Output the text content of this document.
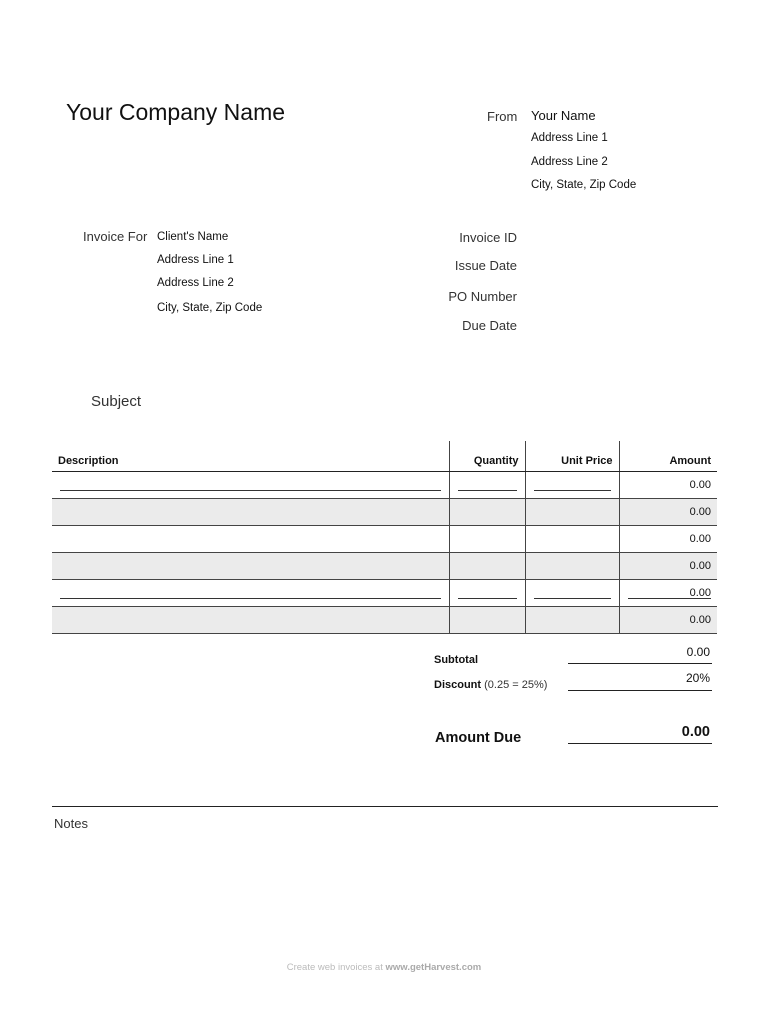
Your Company Name	From Your Name
Address Line 1
Address Line 2
City, State, Zip Code
Invoice For Client's Name
Address Line 1
Address Line 2
City, State, Zip Code
Invoice ID
Issue Date
PO Number
Due Date
Subject
Description	Quantity	Unit Price	Amount

			0.00

			0.00

			0.00

			0.00

			0.00

			0.00
Subtotal
0.00
Discount (0.25 = 25%)	20%
Amount Due	0.00
Notes
Create web invoices at www.getHarvest.com
